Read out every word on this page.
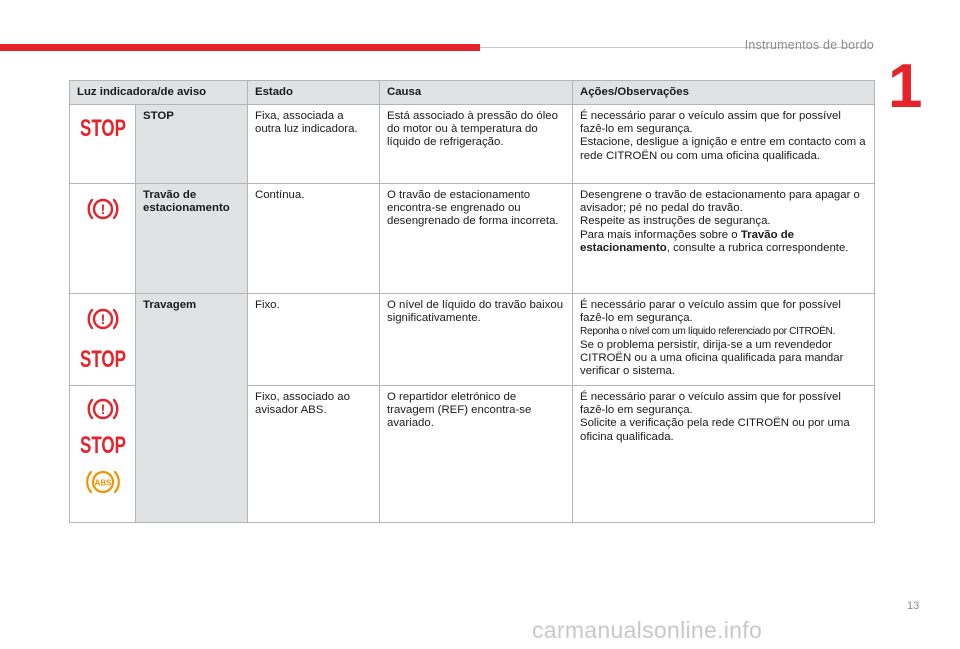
Instrumentos de bordo
1
Luz indicadora/de aviso		Estado	Causa	Ações/Observações

STOP	STOP	Fixa, associada a outra luz indicadora.	Está associado à pressão do óleo do motor ou à temperatura do líquido de refrigeração.	É necessário parar o veículo assim que for possível fazê-lo em segurança.
Estacione, desligue a ignição e entre em contacto com a rede CITROËN ou com uma oficina qualificada.

!	Travão de estacionamento	Contínua.	O travão de estacionamento encontra-se engrenado ou desengrenado de forma incorreta.	Desengrene o travão de estacionamento para apagar o avisador; pé no pedal do travão.
Respeite as instruções de segurança.
Para mais informações sobre o Travão de estacionamento, consulte a rubrica correspondente.

!
STOP	Travagem	Fixo.	O nível de líquido do travão baixou significativamente.	É necessário parar o veículo assim que for possível fazê-lo em segurança.
Reponha o nível com um líquido referenciado por CITROËN.
Se o problema persistir, dirija-se a um revendedor CITROËN ou a uma oficina qualificada para mandar verificar o sistema.

!
STOP
ABS		Fixo, associado ao avisador ABS.	O repartidor eletrónico de travagem (REF) encontra-se avariado.	É necessário parar o veículo assim que for possível fazê-lo em segurança.
Solicite a verificação pela rede CITROËN ou por uma oficina qualificada.
13
carmanualsonline.info
